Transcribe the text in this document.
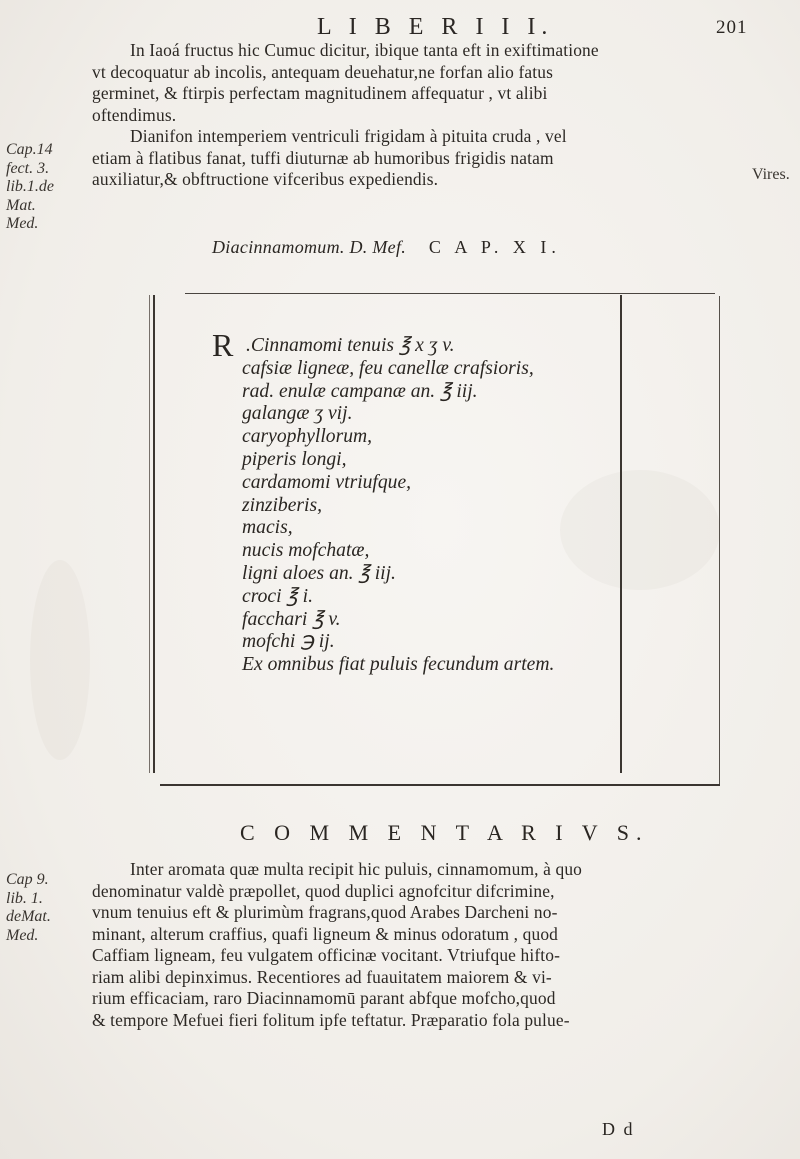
L I B E R I I I.	201
In Iaoá fructus hic Cumuc dicitur, ibique tanta eft in exiftimatione
vt decoquatur ab incolis, antequam deuehatur,ne forfan alio fatus
germinet, & ftirpis perfectam magnitudinem affequatur , vt alibi
oftendimus.
Dianifon intemperiem ventriculi frigidam à pituita cruda , vel
etiam à flatibus fanat, tuffi diuturnæ ab humoribus frigidis natam
auxiliatur,& obftructione vifceribus expediendis.
Cap.14
fect. 3.
lib.1.de
Mat.
Med.
Vires.
Diacinnamomum. D. Mef. C A P. X I.
R .Cinnamomi tenuis ℥ x ʒ v.
cafsiæ ligneæ, feu canellæ crafsioris,
rad. enulæ campanæ an. ℥ iij.
galangæ ʒ vij.
caryophyllorum,
piperis longi,
cardamomi vtriufque,
zinziberis,
macis,
nucis mofchatæ,
ligni aloes an. ℥ iij.
croci ℥ i.
facchari ℥ v.
mofchi ℈ ij.
Ex omnibus fiat puluis fecundum artem.
C O M M E N T A R I V S.
Cap 9.
lib. 1.
deMat.
Med.
Inter aromata quæ multa recipit hic puluis, cinnamomum, à quo
denominatur valdè præpollet, quod duplici agnofcitur difcrimine,
vnum tenuius eft & plurimùm fragrans,quod Arabes Darcheni no-
minant, alterum craffius, quafi ligneum & minus odoratum , quod
Caffiam ligneam, feu vulgatem officinæ vocitant. Vtriufque hifto-
riam alibi depinximus. Recentiores ad fuauitatem maiorem & vi-
rium efficaciam, raro Diacinnamomū parant abfque mofcho,quod
& tempore Mefuei fieri folitum ipfe teftatur. Præparatio fola pulue-
D d
